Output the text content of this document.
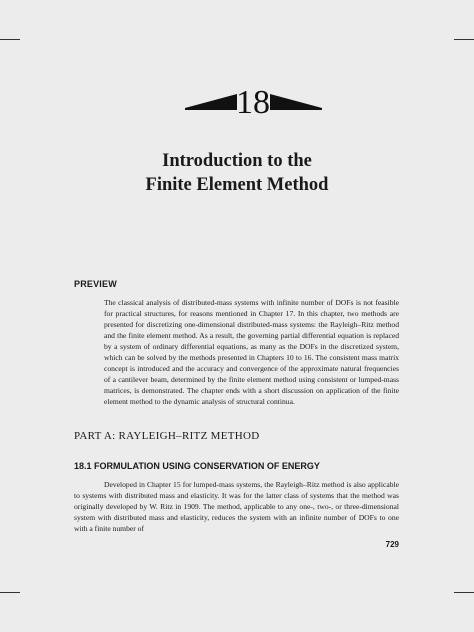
18
Introduction to the
Finite Element Method
PREVIEW
The classical analysis of distributed-mass systems with infinite number of DOFs is not feasible for practical structures, for reasons mentioned in Chapter 17. In this chapter, two methods are presented for discretizing one-dimensional distributed-mass systems: the Rayleigh–Ritz method and the finite element method. As a result, the governing partial differential equation is replaced by a system of ordinary differential equations, as many as the DOFs in the discretized system, which can be solved by the methods presented in Chapters 10 to 16. The consistent mass matrix concept is introduced and the accuracy and convergence of the approximate natural frequencies of a cantilever beam, determined by the finite element method using consistent or lumped-mass matrices, is demonstrated. The chapter ends with a short discussion on application of the finite element method to the dynamic analysis of structural continua.
PART A: RAYLEIGH–RITZ METHOD
18.1 FORMULATION USING CONSERVATION OF ENERGY
Developed in Chapter 15 for lumped-mass systems, the Rayleigh–Ritz method is also applicable to systems with distributed mass and elasticity. It was for the latter class of systems that the method was originally developed by W. Ritz in 1909. The method, applicable to any one-, two-, or three-dimensional system with distributed mass and elasticity, reduces the system with an infinite number of DOFs to one with a finite number of
729
